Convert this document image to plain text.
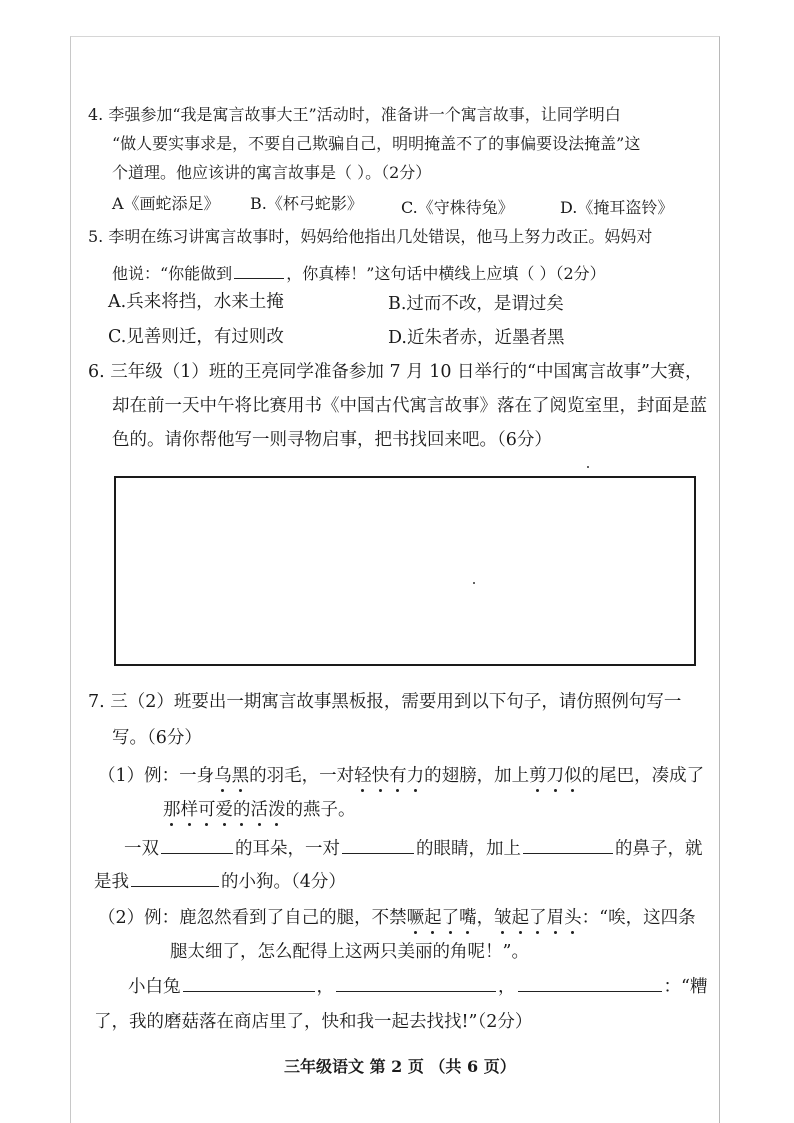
4. 李强参加“我是寓言故事大王”活动时，准备讲一个寓言故事，让同学明白
“做人要实事求是，不要自己欺骗自己，明明掩盖不了的事偏要设法掩盖”这
个道理。他应该讲的寓言故事是（ ）。（2分）
A《画蛇添足》 B.《杯弓蛇影》 C.《守株待兔》	D.《掩耳盗铃》
5. 李明在练习讲寓言故事时，妈妈给他指出几处错误，他马上努力改正。妈妈对
他说：“你能做到	，你真棒！”这句话中横线上应填（ ）（2分）
A.兵来将挡，水来土掩	B.过而不改，是谓过矣
C.见善则迁，有过则改	D.近朱者赤，近墨者黑
6. 三年级（1）班的王亮同学准备参加 7 月 10 日举行的“中国寓言故事”大赛，
却在前一天中午将比赛用书《中国古代寓言故事》落在了阅览室里，封面是蓝
色的。请你帮他写一则寻物启事，把书找回来吧。（6分）
7. 三（2）班要出一期寓言故事黑板报，需要用到以下句子，请仿照例句写一
写。（6分）
（1）例：一身乌黑的羽毛，一对轻快有力的翅膀，加上剪刀似的尾巴，凑成了
那样可爱的活泼的燕子。
一双	的耳朵，一对	的眼睛，加上	的鼻子，就
是我	的小狗。（4分）
（2）例：鹿忽然看到了自己的腿，不禁噘起了嘴，皱起了眉头：“唉，这四条
腿太细了，怎么配得上这两只美丽的角呢！”。
小白兔	，	，	：“糟
了，我的磨菇落在商店里了，快和我一起去找找!”（2分）
三年级语文 第 2 页 （共 6 页）
